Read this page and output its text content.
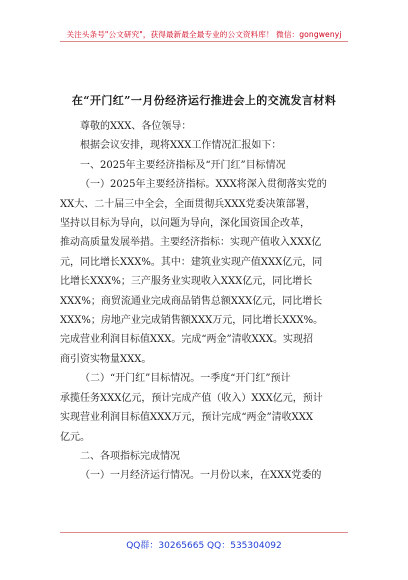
关注头条号"公文研究"，获得最新最全最专业的公文资料库！ 微信：gongwenyj
在“开门红”一月份经济运行推进会上的交流发言材料
尊敬的XXX、各位领导：
根据会议安排，现将XXX工作情况汇报如下：
一、2025年主要经济指标及“开门红”目标情况
（一）2025年主要经济指标。XXX将深入贯彻落实党的
XX大、二十届三中全会，全面贯彻兵XXX党委决策部署，
坚持以目标为导向，以问题为导向，深化国资国企改革，
推动高质量发展举措。主要经济指标：实现产值收入XXX亿
元，同比增长XXX%。其中：建筑业实现产值XXX亿元，同
比增长XXX%；三产服务业实现收入XXX亿元，同比增长
XXX%；商贸流通业完成商品销售总额XXX亿元，同比增长
XXX%；房地产业完成销售额XXX万元，同比增长XXX%。
完成营业利润目标值XXX。完成“两金”清收XXX。实现招
商引资实物量XXX。
（二）“开门红”目标情况。一季度“开门红”预计
承揽任务XXX亿元，预计完成产值（收入）XXX亿元，预计
实现营业利润目标值XXX万元，预计完成“两金”清收XXX
亿元。
二、各项指标完成情况
（一）一月经济运行情况。一月份以来，在XXX党委的
QQ群：30265665 QQ：535304092
